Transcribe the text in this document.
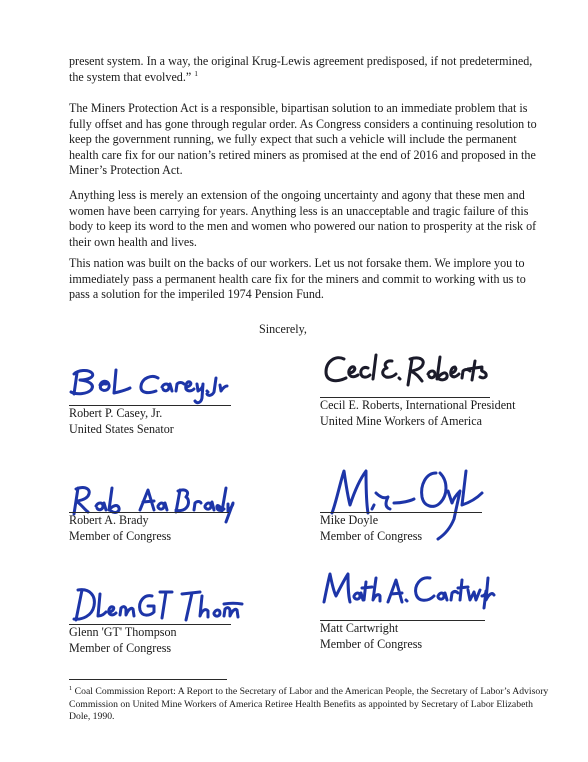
present system. In a way, the original Krug-Lewis agreement predisposed, if not predetermined, the system that evolved.” $^1$

The Miners Protection Act is a responsible, bipartisan solution to an immediate problem that is fully offset and has gone through regular order. As Congress considers a continuing resolution to keep the government running, we fully expect that such a vehicle will include the permanent health care fix for our nation’s retired miners as promised at the end of 2016 and proposed in the Miner’s Protection Act.

Anything less is merely an extension of the ongoing uncertainty and agony that these men and women have been carrying for years. Anything less is an unacceptable and tragic failure of this body to keep its word to the men and women who powered our nation to prosperity at the risk of their own health and lives.

This nation was built on the backs of our workers. Let us not forsake them. We implore you to immediately pass a permanent health care fix for the miners and commit to working with us to pass a solution for the imperiled 1974 Pension Fund.

Sincerely,
Robert P. Casey, Jr.
United States Senator
Cecil E. Roberts, International President
United Mine Workers of America
Robert A. Brady
Member of Congress
Mike Doyle
Member of Congress
Glenn 'GT' Thompson
Member of Congress
Matt Cartwright
Member of Congress

$^1$ Coal Commission Report: A Report to the Secretary of Labor and the American People, the Secretary of Labor’s Advisory Commission on United Mine Workers of America Retiree Health Benefits as appointed by Secretary of Labor Elizabeth Dole, 1990.
